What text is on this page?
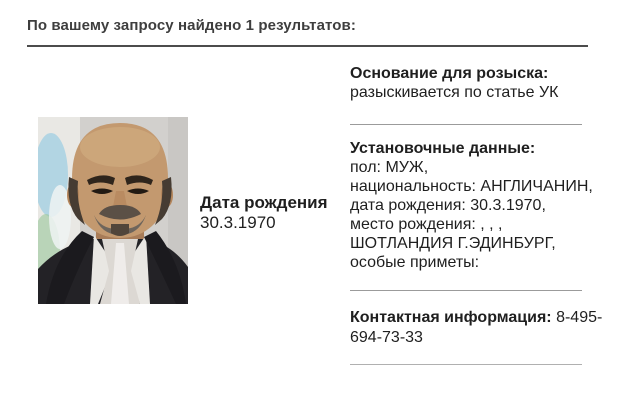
По вашему запросу найдено 1 результатов:
Дата рождения
30.3.1970
Основание для розыска:
разыскивается по статье УК
Установочные данные:
пол: МУЖ,
национальность: АНГЛИЧАНИН,
дата рождения: 30.3.1970,
место рождения: , , ,
ШОТЛАНДИЯ Г.ЭДИНБУРГ,
особые приметы:
Контактная информация: 8-495-
694-73-33
